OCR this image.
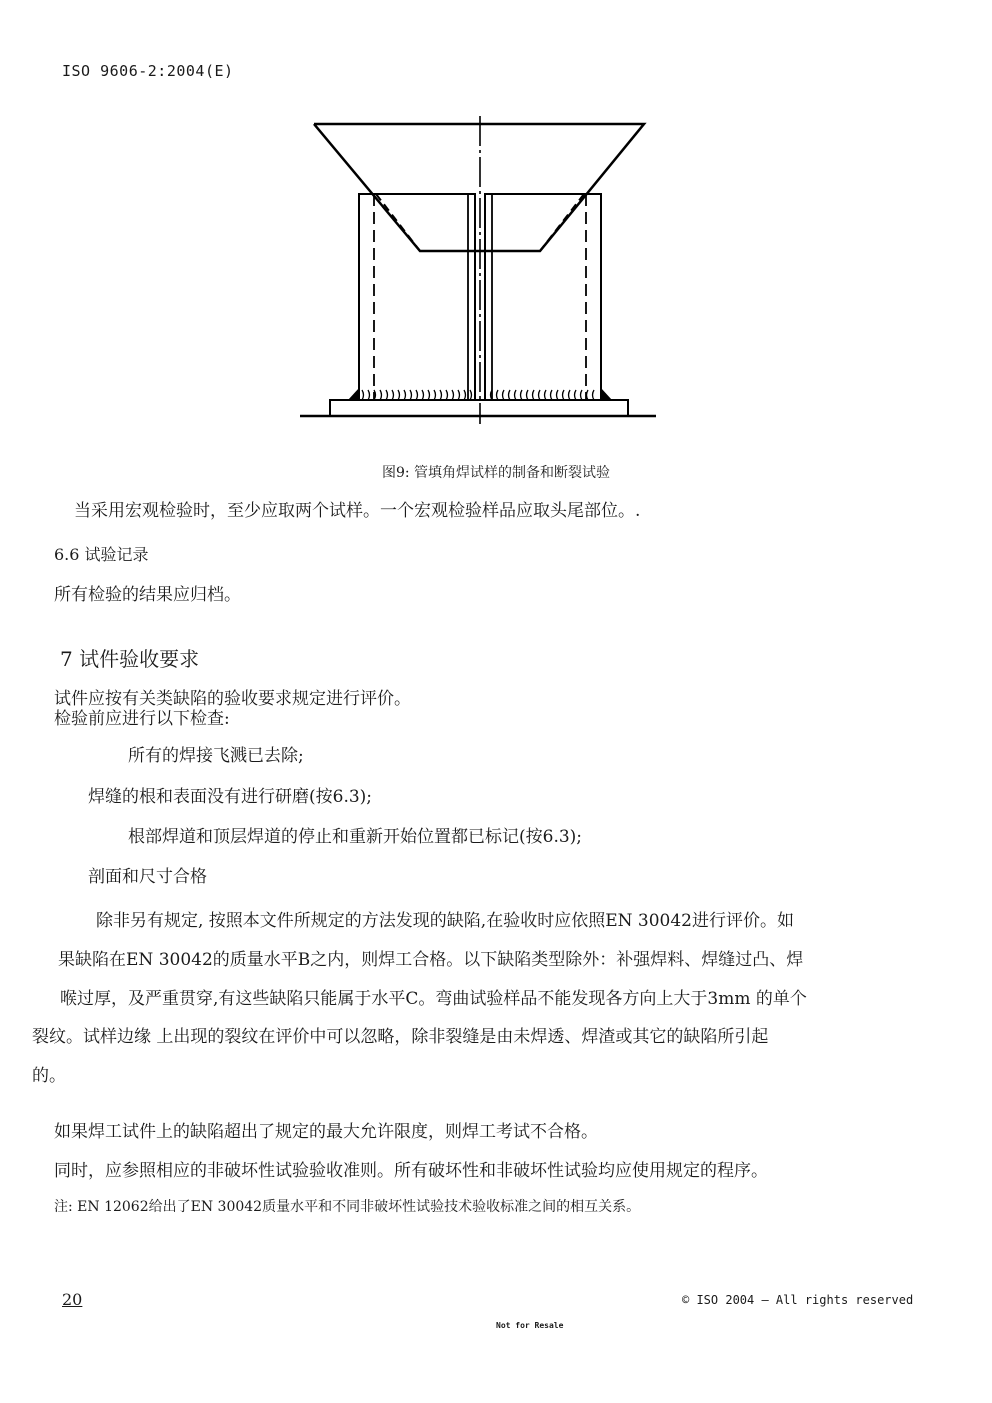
ISO 9606-2:2004(E)
图9: 管填角焊试样的制备和断裂试验
当采用宏观检验时，至少应取两个试样。一个宏观检验样品应取头尾部位。.
6.6 试验记录
所有检验的结果应归档。
7 试件验收要求
试件应按有关类缺陷的验收要求规定进行评价。
检验前应进行以下检查:
所有的焊接飞溅已去除;
焊缝的根和表面没有进行研磨(按6.3);
根部焊道和顶层焊道的停止和重新开始位置都已标记(按6.3);
剖面和尺寸合格
除非另有规定, 按照本文件所规定的方法发现的缺陷,在验收时应依照EN 30042进行评价。如
果缺陷在EN 30042的质量水平B之内，则焊工合格。以下缺陷类型除外：补强焊料、焊缝过凸、焊
喉过厚，及严重贯穿,有这些缺陷只能属于水平C。弯曲试验样品不能发现各方向上大于3mm 的单个
裂纹。试样边缘 上出现的裂纹在评价中可以忽略，除非裂缝是由未焊透、焊渣或其它的缺陷所引起
的。
如果焊工试件上的缺陷超出了规定的最大允许限度，则焊工考试不合格。
同时，应参照相应的非破坏性试验验收准则。所有破坏性和非破坏性试验均应使用规定的程序。
注: EN 12062给出了EN 30042质量水平和不同非破坏性试验技术验收标准之间的相互关系。
20	© ISO 2004 – All rights reserved
Not for Resale
